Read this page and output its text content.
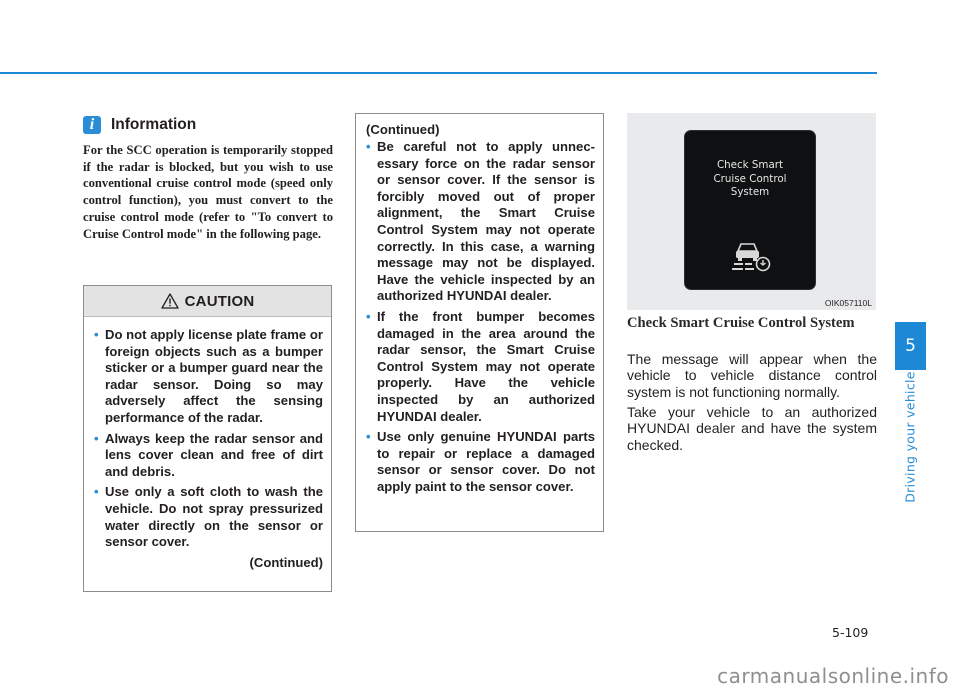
i	Information
For the SCC operation is temporarily stopped if the radar is blocked, but you wish to use conventional cruise control mode (speed only control function), you must convert to the cruise control mode (refer to "To convert to Cruise Control mode" in the following page.
CAUTION
• Do not apply license plate frame or foreign objects such as a bumper sticker or a bumper guard near the radar sensor. Doing so may adversely affect the sensing performance of the radar.
• Always keep the radar sensor and lens cover clean and free of dirt and debris.
• Use only a soft cloth to wash the vehicle. Do not spray pressurized water directly on the sensor or sensor cover.
(Continued)
(Continued)
• Be careful not to apply unnecessary force on the radar sensor or sensor cover. If the sensor is forcibly moved out of proper alignment, the Smart Cruise Control System may not operate correctly. In this case, a warning message may not be displayed. Have the vehicle inspected by an authorized HYUNDAI dealer.
• If the front bumper becomes damaged in the area around the radar sensor, the Smart Cruise Control System may not operate properly. Have the vehicle inspected by an authorized HYUNDAI dealer.
• Use only genuine HYUNDAI parts to repair or replace a damaged sensor or sensor cover. Do not apply paint to the sensor cover.
Check Smart
Cruise Control
System
OIK057110L
Check Smart Cruise Control System
The message will appear when the vehicle to vehicle distance control system is not functioning normally.
Take your vehicle to an authorized HYUNDAI dealer and have the system checked.
5
Driving your vehicle
5-109
carmanualsonline.info
